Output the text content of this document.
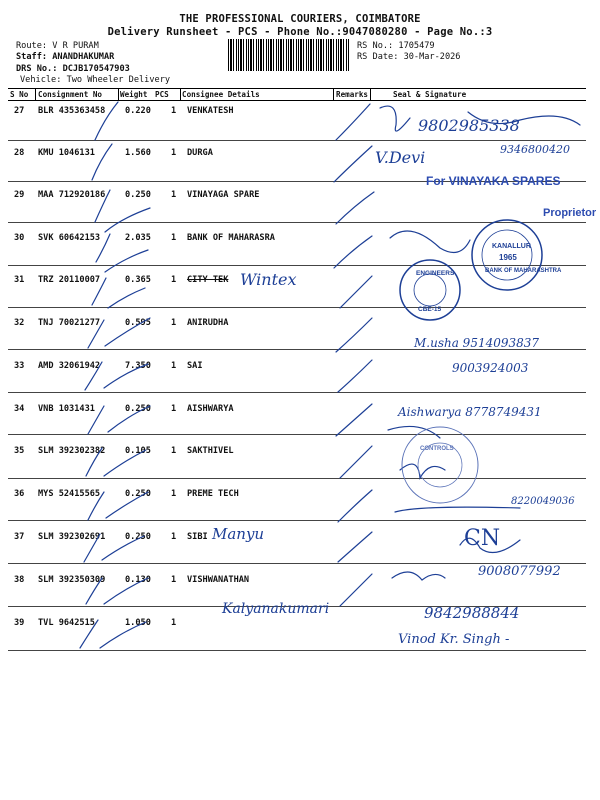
THE PROFESSIONAL COURIERS, COIMBATORE
Delivery Runsheet - PCS - Phone No.:9047080280 - Page No.:3
Route: V R PURAM
Staff: ANANDHAKUMAR
DRS No.: DCJB170547903
Vehicle: Two Wheeler Delivery
RS No.: 1705479
RS Date: 30-Mar-2026
S No Consignment No Weight PCS Consignee Details	Remarks	Seal & Signature
27 BLR 435363458 0.220 1 VENKATESH
28 KMU 1046131	1.560 1 DURGA
29 MAA 712920186 0.250 1 VINAYAGA SPARE
30 SVK 60642153	2.035 1 BANK OF MAHARASRA
31 TRZ 20110007	0.365 1 CITY TEK
32 TNJ 70021277	0.595 1 ANIRUDHA
33 AMD 32061942	7.350 1 SAI
34 VNB 1031431	0.250 1 AISHWARYA
35 SLM 392302382 0.105 1 SAKTHIVEL
36 MYS 52415565	0.250 1 PREME TECH
37 SLM 392302691 0.250 1 SIBI
38 SLM 392350309 0.130 1 VISHWANATHAN
39 TVL 9642515	1.050 1
9802985338
V.Devi	9346800420
For VINAYAKA SPARES
Proprietor
Wintex
M.usha 9514093837
9003924003
Aishwarya 8778749431
8220049036
Manyu	CN
9008077992
Kalyanakumari	9842988844
Vinod Kr. Singh -
BANK OF MAHARASHTRA
KANALLUR
1965
ENGINEERS
CBE-15
CONTROLS
